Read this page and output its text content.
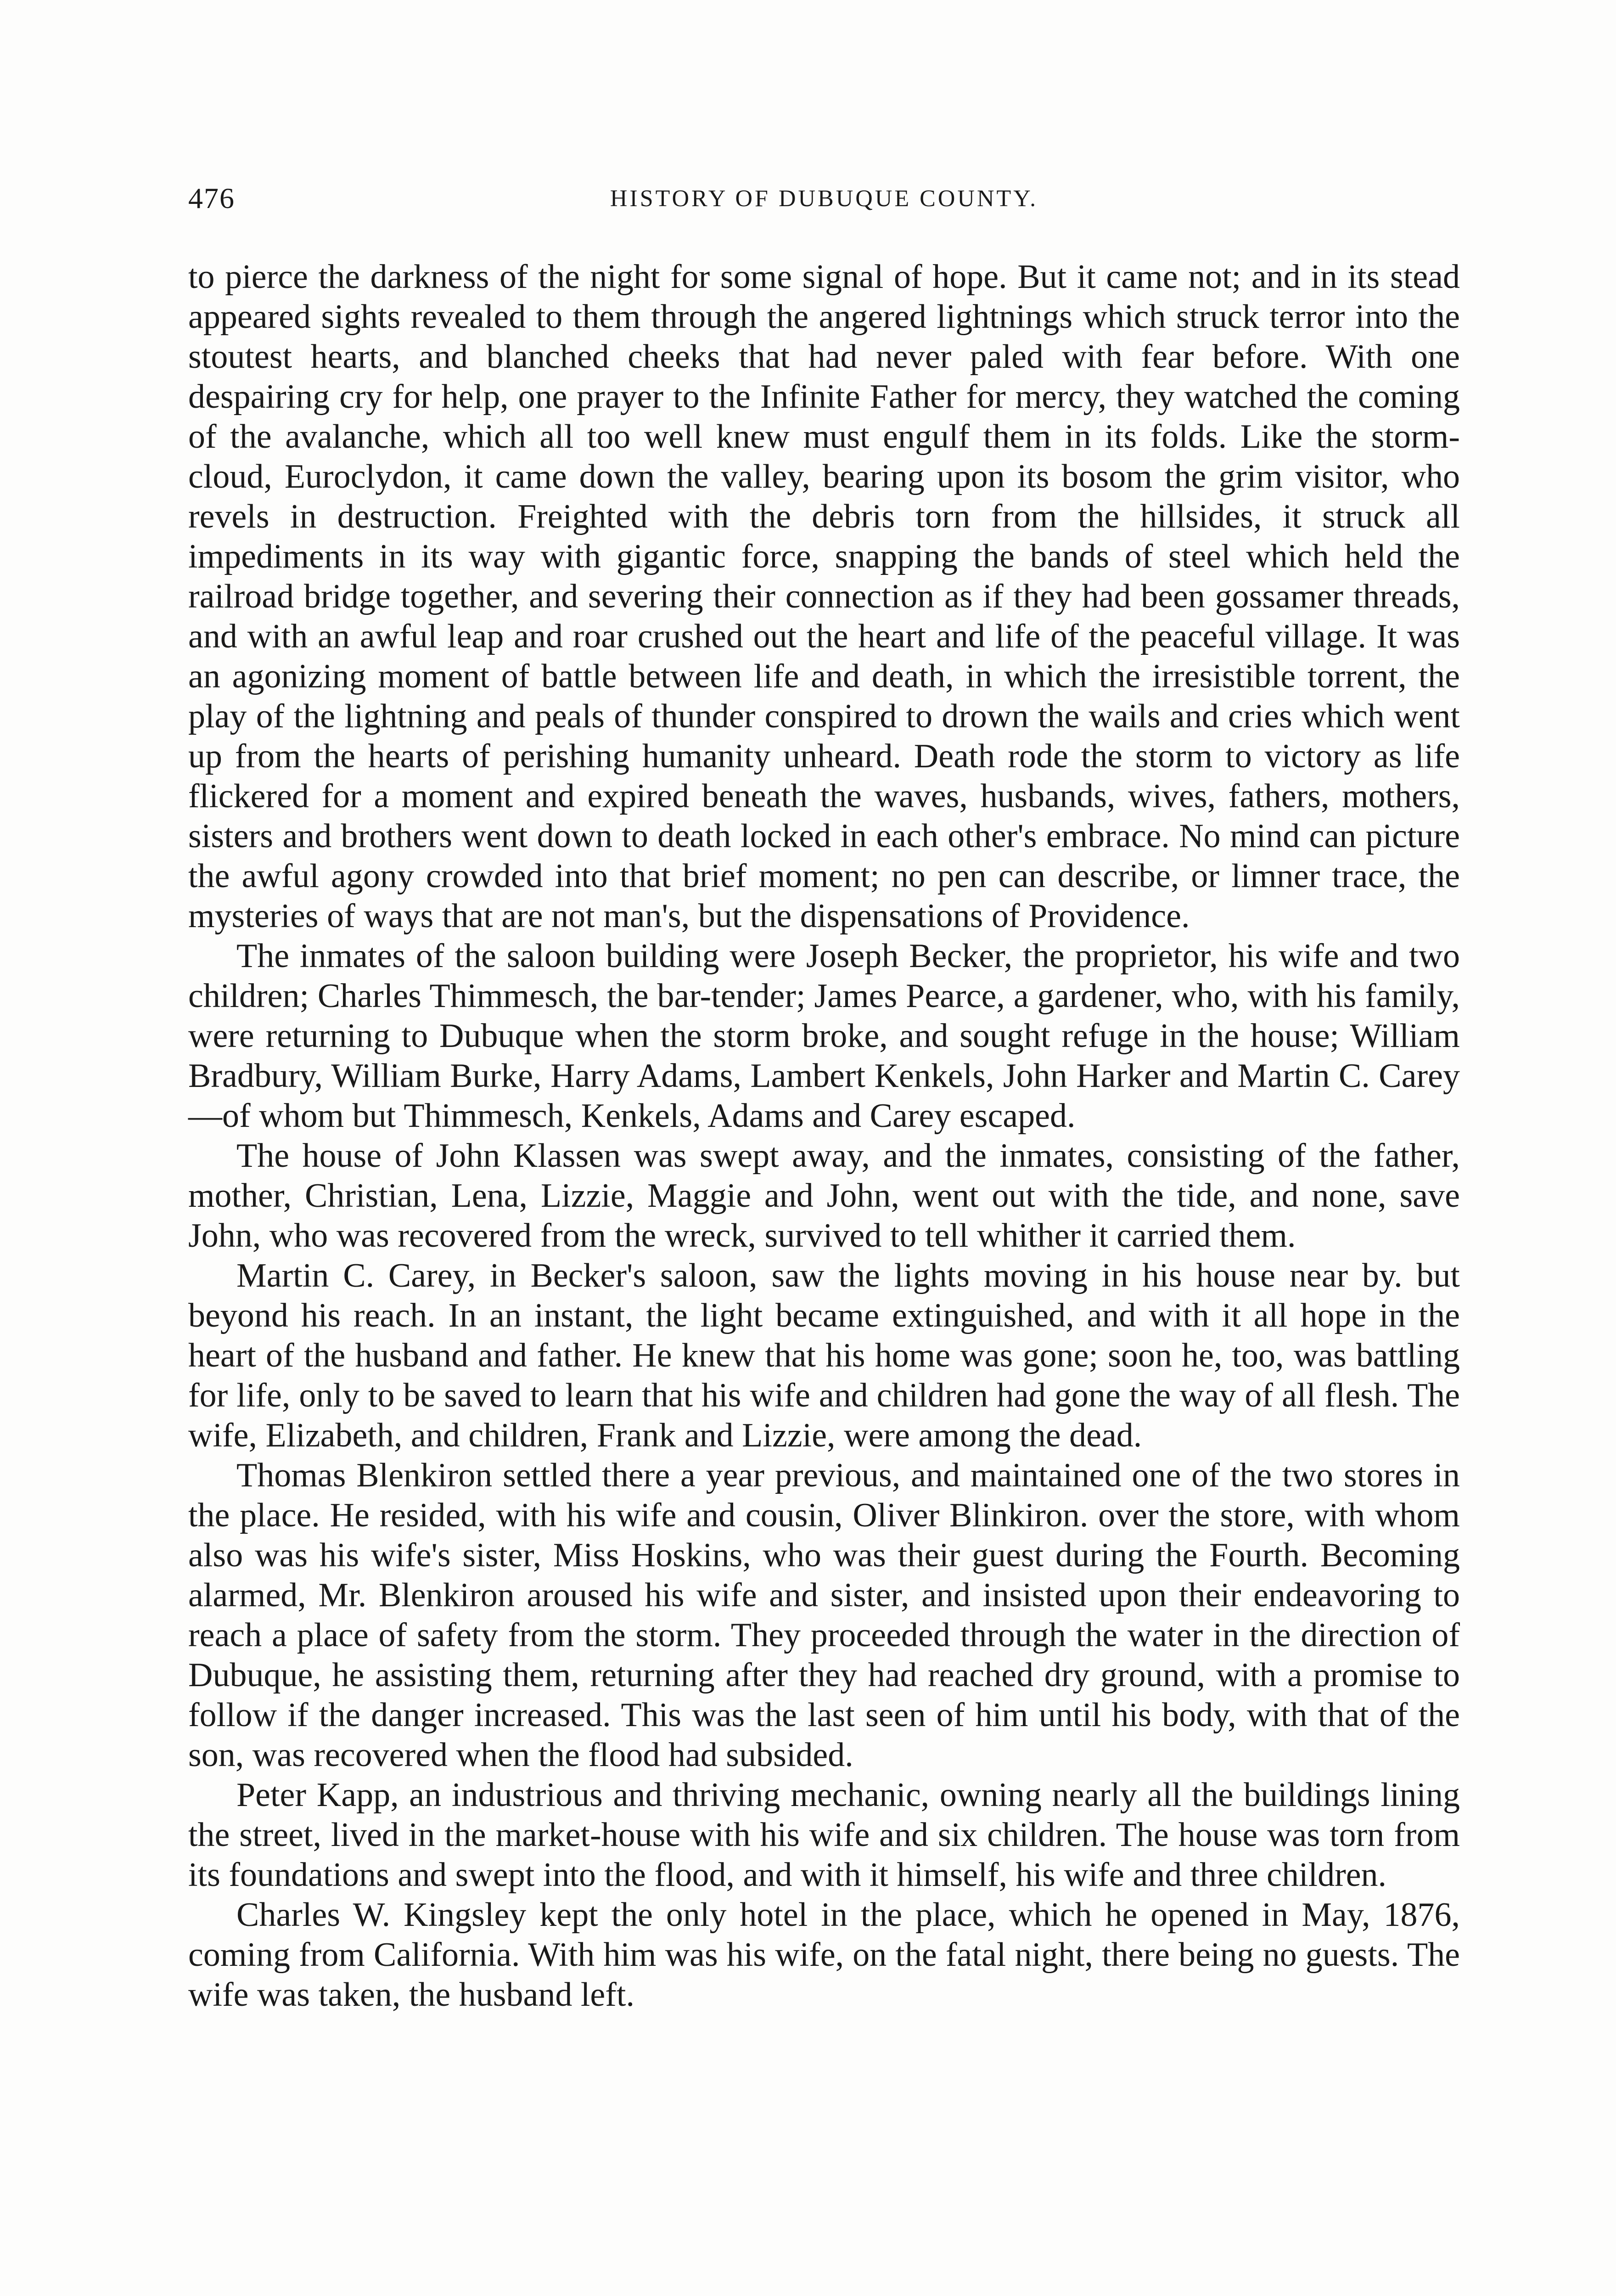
476	HISTORY OF DUBUQUE COUNTY.

to pierce the darkness of the night for some signal of hope. But it came not; and in its stead appeared sights revealed to them through the angered lightnings which struck terror into the stoutest hearts, and blanched cheeks that had never paled with fear before. With one despairing cry for help, one prayer to the Infinite Father for mercy, they watched the coming of the avalanche, which all too well knew must engulf them in its folds. Like the storm-cloud, Euroclydon, it came down the valley, bearing upon its bosom the grim visitor, who revels in destruction. Freighted with the debris torn from the hillsides, it struck all impediments in its way with gigantic force, snapping the bands of steel which held the railroad bridge together, and severing their connection as if they had been gossamer threads, and with an awful leap and roar crushed out the heart and life of the peaceful village. It was an agonizing moment of battle between life and death, in which the irresistible torrent, the play of the lightning and peals of thunder conspired to drown the wails and cries which went up from the hearts of perishing humanity unheard. Death rode the storm to victory as life flickered for a moment and expired beneath the waves, husbands, wives, fathers, mothers, sisters and brothers went down to death locked in each other's embrace. No mind can picture the awful agony crowded into that brief moment; no pen can describe, or limner trace, the mysteries of ways that are not man's, but the dispensations of Providence.

The inmates of the saloon building were Joseph Becker, the proprietor, his wife and two children; Charles Thimmesch, the bar-tender; James Pearce, a gardener, who, with his family, were returning to Dubuque when the storm broke, and sought refuge in the house; William Bradbury, William Burke, Harry Adams, Lambert Kenkels, John Harker and Martin C. Carey—of whom but Thimmesch, Kenkels, Adams and Carey escaped.

The house of John Klassen was swept away, and the inmates, consisting of the father, mother, Christian, Lena, Lizzie, Maggie and John, went out with the tide, and none, save John, who was recovered from the wreck, survived to tell whither it carried them.

Martin C. Carey, in Becker's saloon, saw the lights moving in his house near by. but beyond his reach. In an instant, the light became extinguished, and with it all hope in the heart of the husband and father. He knew that his home was gone; soon he, too, was battling for life, only to be saved to learn that his wife and children had gone the way of all flesh. The wife, Elizabeth, and children, Frank and Lizzie, were among the dead.

Thomas Blenkiron settled there a year previous, and maintained one of the two stores in the place. He resided, with his wife and cousin, Oliver Blinkiron. over the store, with whom also was his wife's sister, Miss Hoskins, who was their guest during the Fourth. Becoming alarmed, Mr. Blenkiron aroused his wife and sister, and insisted upon their endeavoring to reach a place of safety from the storm. They proceeded through the water in the direction of Dubuque, he assisting them, returning after they had reached dry ground, with a promise to follow if the danger increased. This was the last seen of him until his body, with that of the son, was recovered when the flood had subsided.

Peter Kapp, an industrious and thriving mechanic, owning nearly all the buildings lining the street, lived in the market-house with his wife and six children. The house was torn from its foundations and swept into the flood, and with it himself, his wife and three children.

Charles W. Kingsley kept the only hotel in the place, which he opened in May, 1876, coming from California. With him was his wife, on the fatal night, there being no guests. The wife was taken, the husband left.
